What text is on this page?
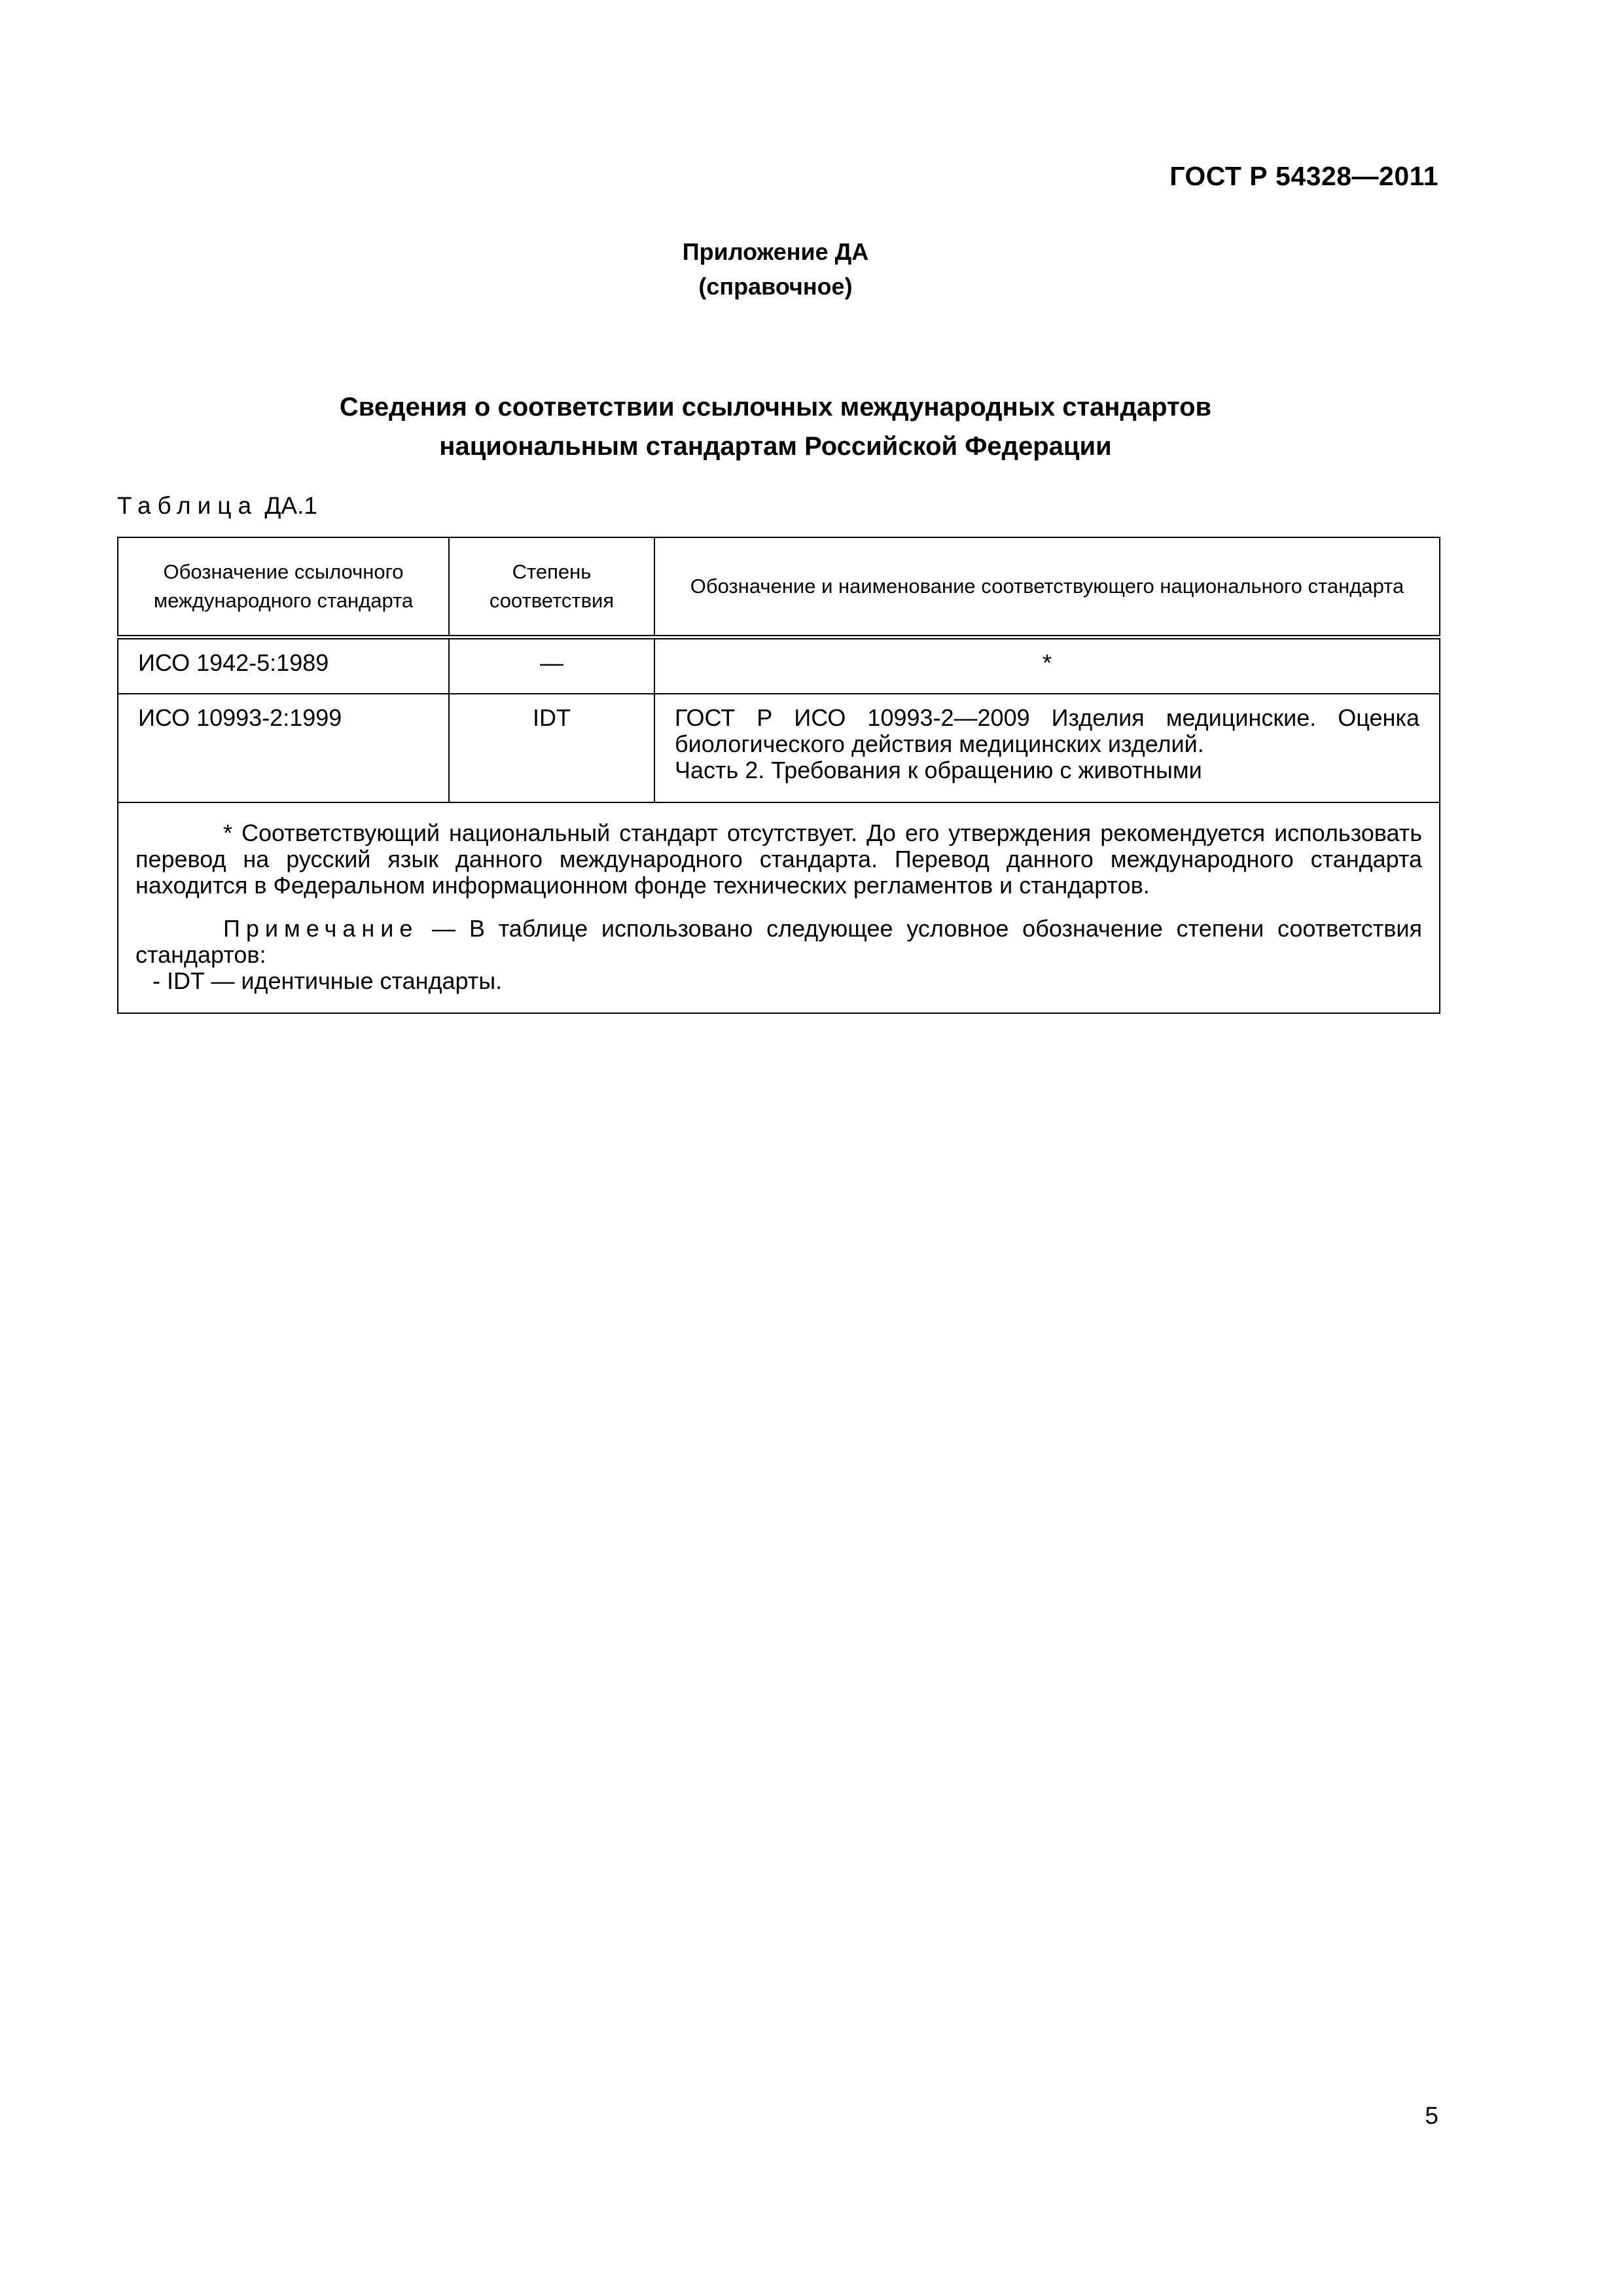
ГОСТ Р 54328—2011
Приложение ДА
(справочное)
Сведения о соответствии ссылочных международных стандартов
национальным стандартам Российской Федерации
Таблица ДА.1
Обозначение ссылочного международного стандарта	Степень соответствия	Обозначение и наименование соответствующего национального стандарта
ИСО 1942-5:1989	—	*
ИСО 10993-2:1999	IDT	ГОСТ Р ИСО 10993-2—2009 Изделия медицинские. Оценка биологического действия медицинских изделий.
Часть 2. Требования к обращению с животными

* Соответствующий национальный стандарт отсутствует. До его утверждения рекомендуется использовать перевод на русский язык данного международного стандарта. Перевод данного международного стандарта находится в Федеральном информационном фонде технических регламентов и стандартов.

Примечание — В таблице использовано следующее условное обозначение степени соответствия стандартов:

- IDT — идентичные стандарты.		

5
